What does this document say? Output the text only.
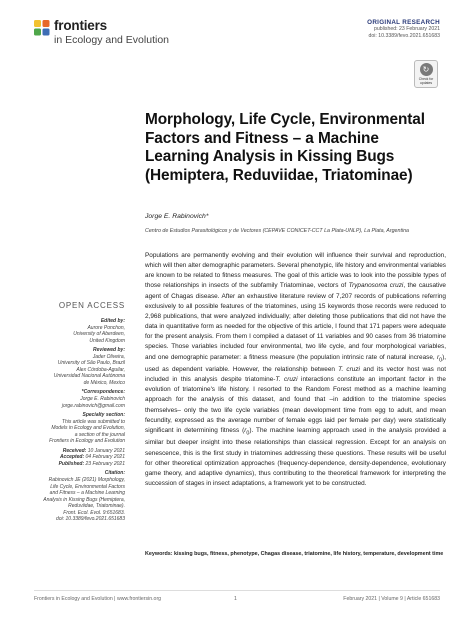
frontiers
in Ecology and Evolution
ORIGINAL RESEARCH
published: 23 February 2021
doi: 10.3389/fevo.2021.651683
↻
Check for updates
Morphology, Life Cycle, Environmental Factors and Fitness – a Machine Learning Analysis in Kissing Bugs (Hemiptera, Reduviidae, Triatominae)
Jorge E. Rabinovich*
Centro de Estudios Parasitológicos y de Vectores (CEPAVE CONICET-CCT La Plata-UNLP), La Plata, Argentina

Populations are permanently evolving and their evolution will influence their survival and reproduction, which will then alter demographic parameters. Several phenotypic, life history and environmental variables are known to be related to fitness measures. The goal of this article was to look into the possible types of those relationships in insects of the subfamily Triatominae, vectors of Trypanosoma cruzi, the causative agent of Chagas disease. After an exhaustive literature review of 7,207 records of publications referring exclusively to all possible features of the triatomines, using 15 keywords those records were reduced to 2,968 publications, that were analyzed individually; after deleting those publications that did not have the data in quantitative form as needed for the objective of this article, I found that 171 papers were adequate for the present analysis. From them I compiled a dataset of 11 variables and 90 cases from 36 triatomine species. Those variables included four environmental, two life cycle, and four morphological variables, and one demographic parameter: a fitness measure (the population intrinsic rate of natural increase, $r_0$), used as dependent variable. However, the relationship between T. cruzi and its vector host was not included in this analysis despite triatomine-T. cruzi interactions constitute an important factor in the evolution of triatomine's life history. I resorted to the Random Forest method as a machine learning approach for the analysis of this dataset, and found that –in addition to the triatomine species themselves– only the two life cycle variables (mean development time from egg to adult, and mean fecundity, expressed as the average number of female eggs laid per female per day) were statistically significant in determining fitness $(r_0)$. The machine learning approach used in the analysis provided a similar but deeper insight into these relationships than classical regression. Except for an analysis on senescence, this is the first study in triatomines addressing these questions. These results will be useful for other theoretical optimization approaches (frequency-dependence, density-dependence, evolutionary game theory, and adaptive dynamics), thus contributing to the theoretical framework for interpreting the succession of stages in insect adaptations, a framework yet to be constructed.

Keywords: kissing bugs, fitness, phenotype, Chagas disease, triatomine, life history, temperature, development time
OPEN ACCESS
Edited by:
Aurore Ponchon,
University of Aberdeen,
United Kingdom
Reviewed by:
Jader Oliveira,
University of São Paulo, Brazil
Alex Córdoba-Aguilar,
Universidad Nacional Autónoma
de México, Mexico
*Correspondence:
Jorge E. Rabinovich
jorge.rabinovich@gmail.com
Specialty section:
This article was submitted to
Models in Ecology and Evolution,
a section of the journal
Frontiers in Ecology and Evolution
Received: 10 January 2021
Accepted: 04 February 2021
Published: 23 February 2021
Citation:
Rabinovich JE (2021) Morphology,
Life Cycle, Environmental Factors
and Fitness – a Machine Learning
Analysis in Kissing Bugs (Hemiptera,
Reduviidae, Triatominae).
Front. Ecol. Evol. 9:651683.
doi: 10.3389/fevo.2021.651683
Frontiers in Ecology and Evolution | www.frontiersin.org	1	February 2021 | Volume 9 | Article 651683
